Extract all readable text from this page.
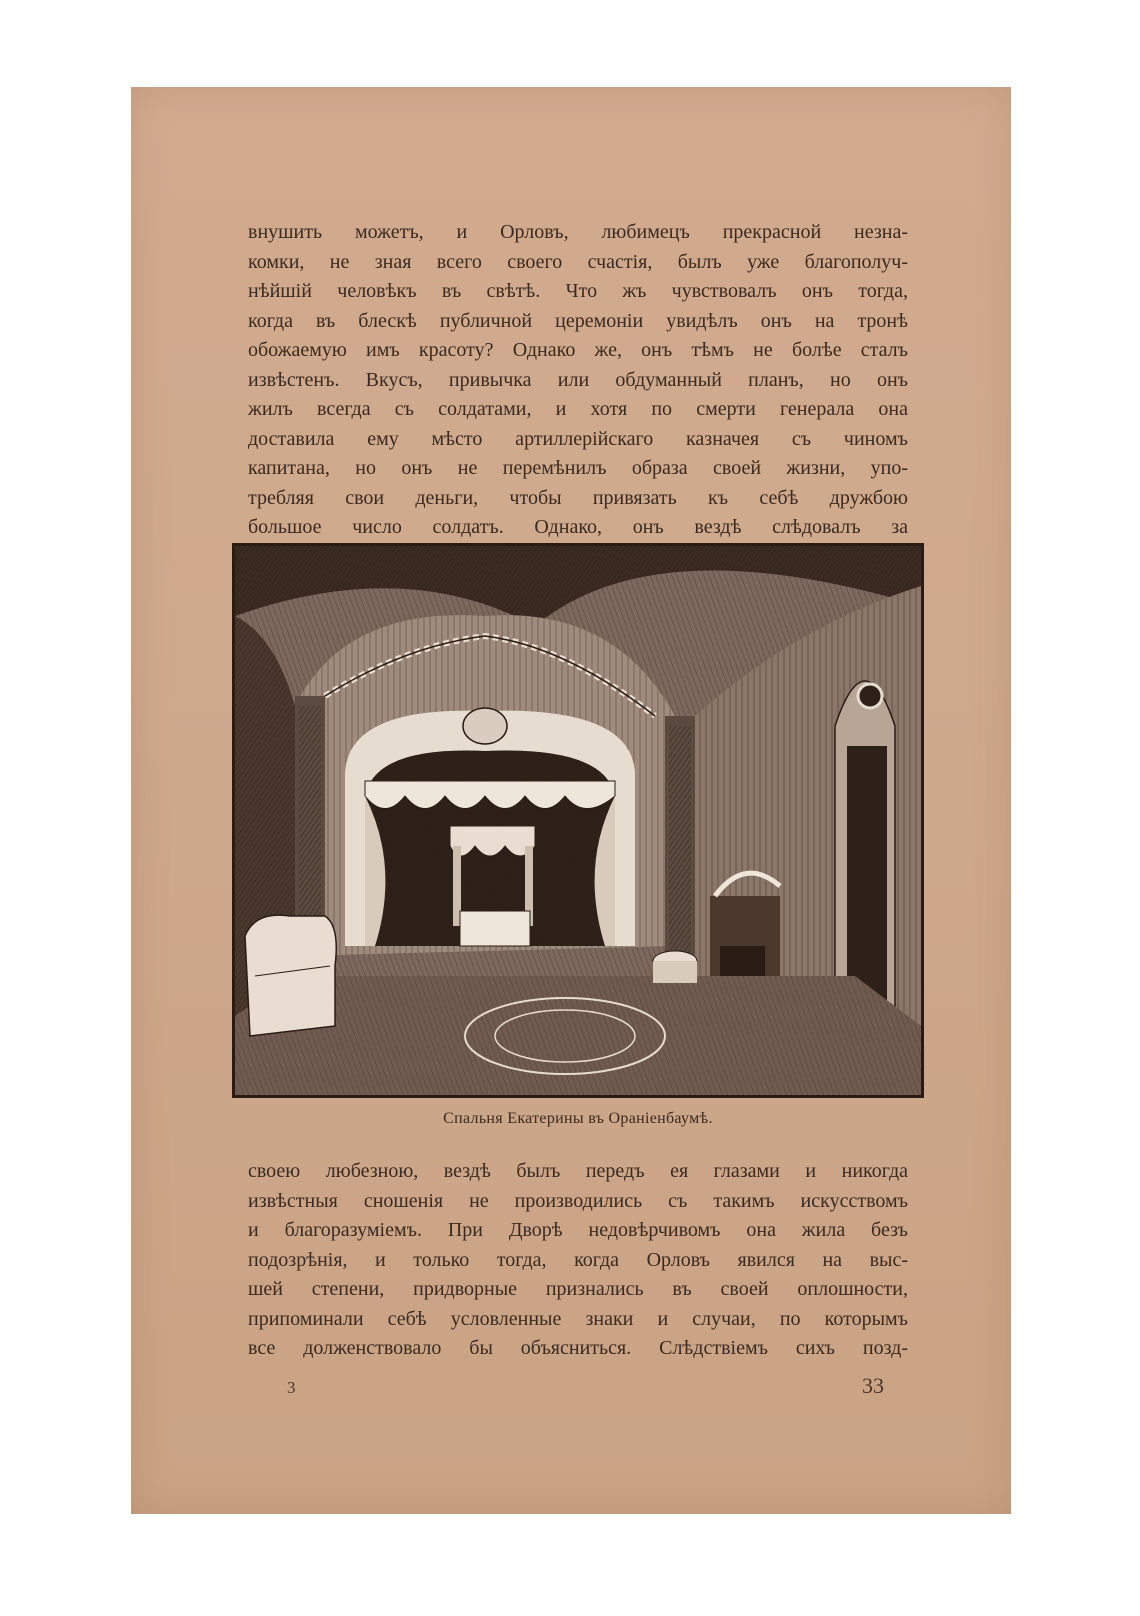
внушить можетъ, и Орловъ, любимецъ прекрасной незна-
комки, не зная всего своего счастія, былъ уже благополуч-
нѣйшій человѣкъ въ свѣтѣ. Что жъ чувствовалъ онъ тогда,
когда въ блескѣ публичной церемоніи увидѣлъ онъ на тронѣ
обожаемую имъ красоту? Однако же, онъ тѣмъ не болѣе сталъ
извѣстенъ. Вкусъ, привычка или обдуманный планъ, но онъ
жилъ всегда съ солдатами, и хотя по смерти генерала она
доставила ему мѣсто артиллерійскаго казначея съ чиномъ
капитана, но онъ не перемѣнилъ образа своей жизни, упо-
требляя свои деньги, чтобы привязать къ себѣ дружбою
большое число солдатъ. Однако, онъ вездѣ слѣдовалъ за
Спальня Екатерины въ Ораніенбаумѣ.
своею любезною, вездѣ былъ передъ ея глазами и никогда
извѣстныя сношенія не производились съ такимъ искусствомъ
и благоразуміемъ. При Дворѣ недовѣрчивомъ она жила безъ
подозрѣнія, и только тогда, когда Орловъ явился на выс-
шей степени, придворные признались въ своей оплошности,
припоминали себѣ условленные знаки и случаи, по которымъ
все долженствовало бы объясниться. Слѣдствіемъ сихъ позд-
3	33
